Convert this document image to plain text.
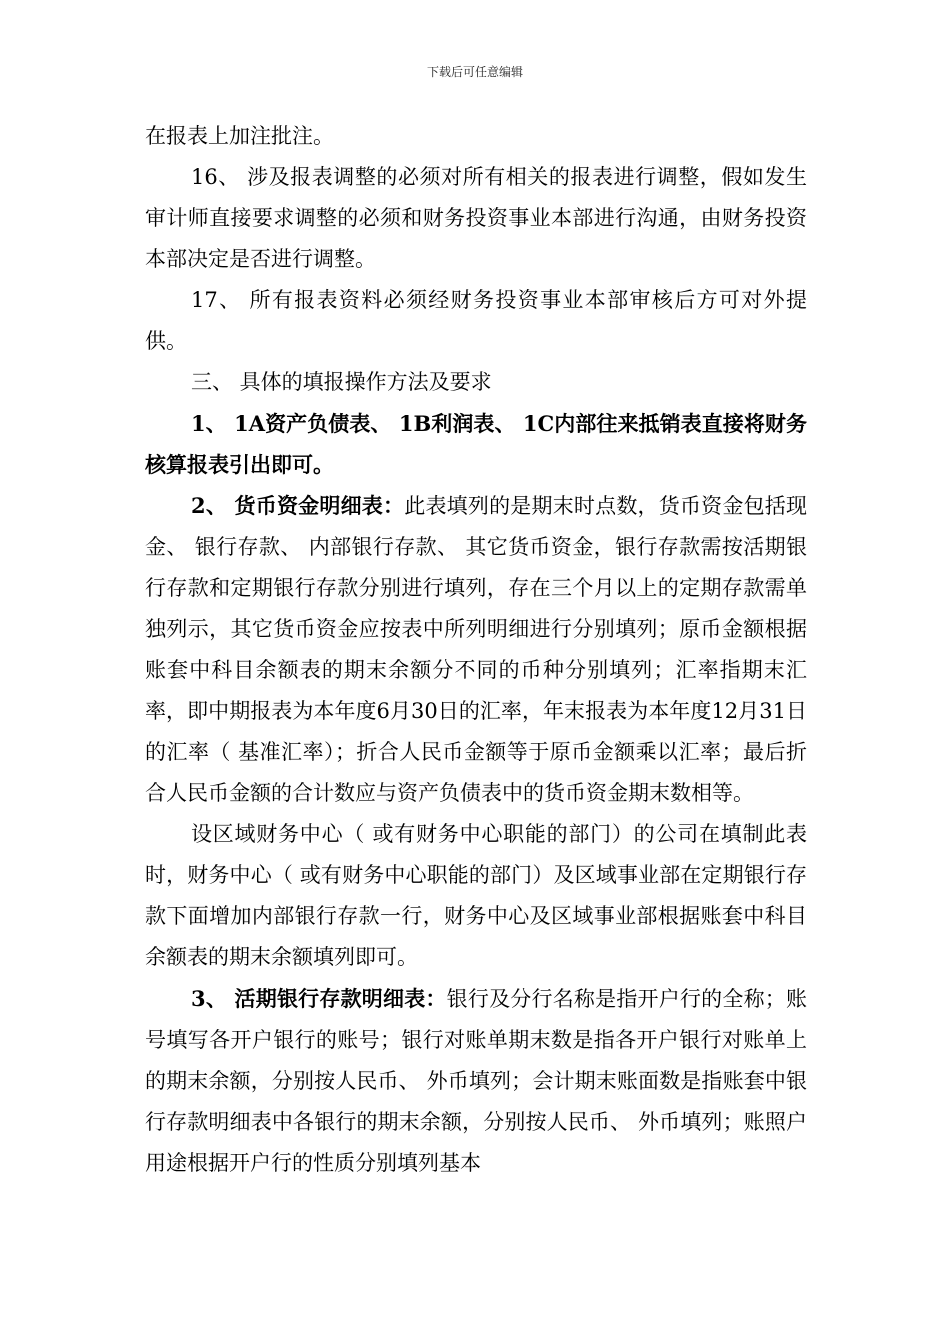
下载后可任意编辑

在报表上加注批注。

16、 涉及报表调整的必须对所有相关的报表进行调整，假如发生审计师直接要求调整的必须和财务投资事业本部进行沟通，由财务投资本部决定是否进行调整。

17、 所有报表资料必须经财务投资事业本部审核后方可对外提供。

三、 具体的填报操作方法及要求

1、 1A资产负债表、 1B利润表、 1C内部往来抵销表直接将财务核算报表引出即可。

2、 货币资金明细表：此表填列的是期末时点数，货币资金包括现金、 银行存款、 内部银行存款、 其它货币资金，银行存款需按活期银行存款和定期银行存款分别进行填列，存在三个月以上的定期存款需单独列示，其它货币资金应按表中所列明细进行分别填列；原币金额根据账套中科目余额表的期末余额分不同的币种分别填列；汇率指期末汇率，即中期报表为本年度6月30日的汇率，年末报表为本年度12月31日的汇率（ 基准汇率）；折合人民币金额等于原币金额乘以汇率；最后折合人民币金额的合计数应与资产负债表中的货币资金期末数相等。

设区域财务中心（ 或有财务中心职能的部门）的公司在填制此表时，财务中心（ 或有财务中心职能的部门）及区域事业部在定期银行存款下面增加内部银行存款一行，财务中心及区域事业部根据账套中科目余额表的期末余额填列即可。

3、 活期银行存款明细表：银行及分行名称是指开户行的全称；账号填写各开户银行的账号；银行对账单期末数是指各开户银行对账单上的期末余额，分别按人民币、 外币填列；会计期末账面数是指账套中银行存款明细表中各银行的期末余额，分别按人民币、 外币填列；账照户用途根据开户行的性质分别填列基本
